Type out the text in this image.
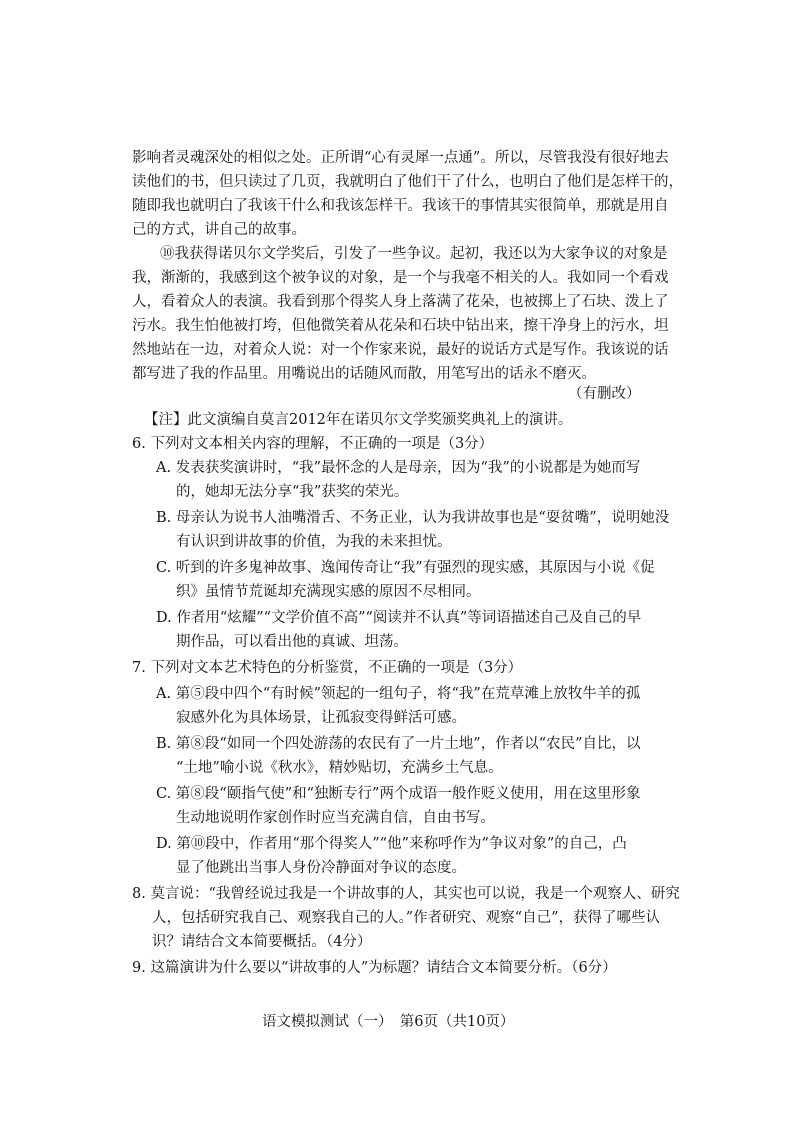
影响者灵魂深处的相似之处。正所谓“心有灵犀一点通”。所以，尽管我没有很好地去
读他们的书，但只读过了几页，我就明白了他们干了什么，也明白了他们是怎样干的，
随即我也就明白了我该干什么和我该怎样干。我该干的事情其实很简单，那就是用自
己的方式，讲自己的故事。
⑩我获得诺贝尔文学奖后，引发了一些争议。起初，我还以为大家争议的对象是
我，渐渐的，我感到这个被争议的对象，是一个与我毫不相关的人。我如同一个看戏
人，看着众人的表演。我看到那个得奖人身上落满了花朵，也被掷上了石块、泼上了
污水。我生怕他被打垮，但他微笑着从花朵和石块中钻出来，擦干净身上的污水，坦
然地站在一边，对着众人说：对一个作家来说，最好的说话方式是写作。我该说的话
都写进了我的作品里。用嘴说出的话随风而散，用笔写出的话永不磨灭。
（有删改）
【注】此文演编自莫言2012年在诺贝尔文学奖颁奖典礼上的演讲。
6. 下列对文本相关内容的理解，不正确的一项是（3分）
A. 发表获奖演讲时，“我”最怀念的人是母亲，因为“我”的小说都是为她而写
的，她却无法分享“我”获奖的荣光。
B. 母亲认为说书人油嘴滑舌、不务正业，认为我讲故事也是“耍贫嘴”，说明她没
有认识到讲故事的价值，为我的未来担忧。
C. 听到的许多鬼神故事、逸闻传奇让“我”有强烈的现实感，其原因与小说《促
织》虽情节荒诞却充满现实感的原因不尽相同。
D. 作者用“炫耀”“文学价值不高”“阅读并不认真”等词语描述自己及自己的早
期作品，可以看出他的真诚、坦荡。
7. 下列对文本艺术特色的分析鉴赏，不正确的一项是（3分）
A. 第⑤段中四个“有时候”领起的一组句子，将“我”在荒草滩上放牧牛羊的孤
寂感外化为具体场景，让孤寂变得鲜活可感。
B. 第⑧段“如同一个四处游荡的农民有了一片土地”，作者以“农民”自比，以
“土地”喻小说《秋水》，精妙贴切，充满乡土气息。
C. 第⑧段“颐指气使”和“独断专行”两个成语一般作贬义使用，用在这里形象
生动地说明作家创作时应当充满自信，自由书写。
D. 第⑩段中，作者用“那个得奖人”“他”来称呼作为“争议对象”的自己，凸
显了他跳出当事人身份冷静面对争议的态度。
8. 莫言说：“我曾经说过我是一个讲故事的人，其实也可以说，我是一个观察人、研究
人，包括研究我自己、观察我自己的人。”作者研究、观察“自己”，获得了哪些认
识？请结合文本简要概括。（4分）
9. 这篇演讲为什么要以“讲故事的人”为标题？请结合文本简要分析。（6分）
语文模拟测试（一）　第6页（共10页）
